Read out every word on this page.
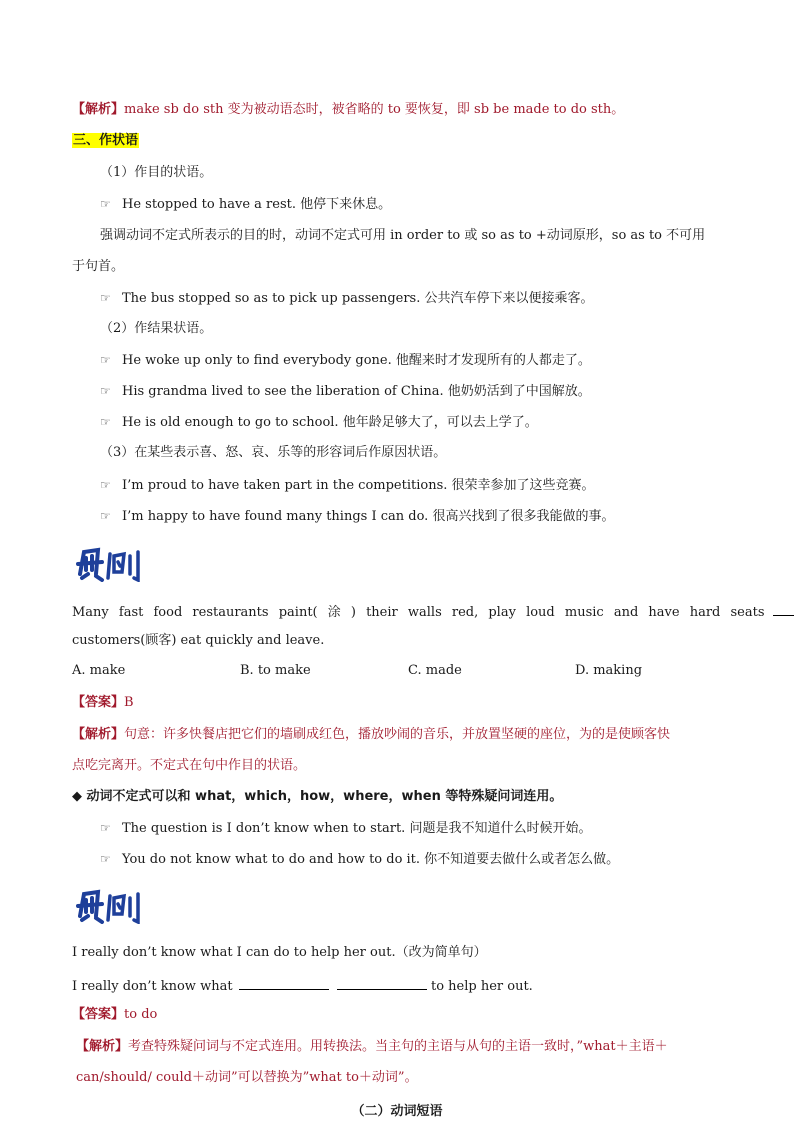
【解析】make sb do sth 变为被动语态时，被省略的 to 要恢复，即 sb be made to do sth。
三、作状语
（1）作目的状语。
☞ He stopped to have a rest. 他停下来休息。
强调动词不定式所表示的目的时，动词不定式可用 in order to 或 so as to +动词原形，so as to 不可用
于句首。
☞ The bus stopped so as to pick up passengers. 公共汽车停下来以便接乘客。
（2）作结果状语。
☞ He woke up only to find everybody gone. 他醒来时才发现所有的人都走了。
☞ His grandma lived to see the liberation of China. 他奶奶活到了中国解放。
☞ He is old enough to go to school. 他年龄足够大了，可以去上学了。
（3）在某些表示喜、怒、哀、乐等的形容词后作原因状语。
☞ I’m proud to have taken part in the competitions. 很荣幸参加了这些竞赛。
☞ I’m happy to have found many things I can do. 很高兴找到了很多我能做的事。
Many fast food restaurants paint( 涂 ) their walls red, play loud music and have hard seats
customers(顾客) eat quickly and leave.
A. make	B. to make	C. made	D. making
【答案】B
【解析】句意：许多快餐店把它们的墙刷成红色，播放吵闹的音乐，并放置坚硬的座位，为的是使顾客快
点吃完离开。不定式在句中作目的状语。
◆ 动词不定式可以和 what，which，how，where，when 等特殊疑问词连用。
☞ The question is I don’t know when to start. 问题是我不知道什么时候开始。
☞ You do not know what to do and how to do it. 你不知道要去做什么或者怎么做。
I really don’t know what I can do to help her out.（改为简单句）
I really don’t know what	to help her out.
【答案】to do
【解析】考查特殊疑问词与不定式连用。用转换法。当主句的主语与从句的主语一致时，”what＋主语＋
can/should/ could＋动词”可以替换为”what to＋动词”。
（二）动词短语
